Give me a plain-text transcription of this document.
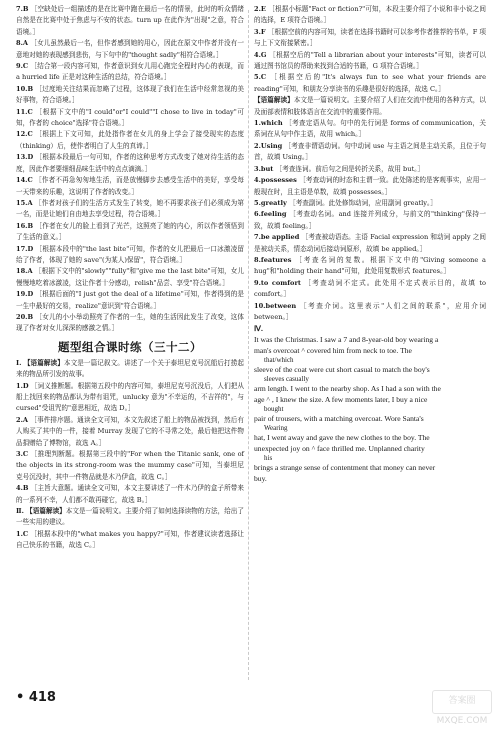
7.B ［空缺处后一组描述的是在比赛中跑在最后一名的情景，此时的听众情绪自然是在比赛中处于焦虑与不安的状态。turn up 在此作为"出现"之意，符合语境。］

8.A ［女儿虽然最后一名，但作者感到她的用心，因此在原文中作者并没有一意地对她的表现感到悲伤，与下句中的"thought sadly"相符合语境。］

9.C ［结合第一段内容可知，作者意识到女儿用心跑完全程时内心的表现，而 a hurried life 正是对这种生活的总结，符合语境。］

10.B ［过度地关注结果而忽略了过程，这体现了我们在生活中经常忽视的美好事物，符合语境。］

11.C ［根据下文中的"I could"or"I could""I chose to live in today"可知，作者的 choice"选择"符合语境。］

12.C ［根据上下文可知，此处指作者在女儿的身上学会了接受现实的态度（thinking）后，使作者明白了人生的真谛。］

13.D ［根据本段最后一句可知，作者的这种思考方式改变了她对待生活的态度，因此作者要细细品味生活中的点点滴滴。］

14.C ［作者不再急匆匆地生活，而是放慢脚步去感受生活中的美好，享受每一天带来的乐趣，这说明了作者的改变。］

15.A ［作者对孩子们的生活方式发生了转变，她不再要求孩子们必须成为第一名，而是让她们自由地去享受过程，符合语境。］

16.B ［作者在女儿的脸上看到了光芒，这照亮了她的内心，所以作者领悟到了生活的意义。］

17.D ［根据本段中的"the last bite"可知，作者的女儿把最后一口冰激凌留给了作者，体现了她的 save"(为某人)保留"，符合语境。］

18.A ［根据下文中的"slowly""fully"和"give me the last bite"可知，女儿慢慢地吃着冰激凌，这让作者十分感动，relish"品尝、享受"符合语境。］

19.D ［根据后面的"I just got the deal of a lifetime"可知，作者得到的是一生中最好的交易，realize"意识到"符合语境。］

20.B ［女儿的小小举动照亮了作者的一生，她的生活因此发生了改变，这体现了作者对女儿深深的感激之情。］

题型组合课时练（三十二）

Ⅰ. 【语篇解读】本文是一篇记叙文。讲述了一个关于泰坦尼克号沉船后打捞起来的物品所引发的故事。

1.D ［词义推断题。根据第五段中的内容可知，泰坦尼克号沉没后，人们把从船上找回来的物品都认为带有诅咒，unlucky 意为"不幸运的，不吉祥的"，与 cursed"受诅咒的"意思相近，故选 D。］

2.A ［事件排序题。通读全文可知，本文先叙述了船上的物品被找到，然后有人购买了其中的一件，接着 Murray 发现了它的不寻常之处，最后他把这件物品捐赠给了博物馆，故选 A。］

3.C ［推理判断题。根据第三段中的"For when the Titanic sank, one of the objects in its strong-room was the mummy case"可知，当泰坦尼克号沉没时，其中一件物品就是木乃伊盒，故选 C。］

4.B ［主旨大意题。通读全文可知，本文主要讲述了一件木乃伊的盒子所带来的一系列不幸，人们都不敢再碰它，故选 B。］

Ⅱ. 【语篇解读】本文是一篇说明文。主要介绍了如何选择读物的方法，给出了一些实用的建议。

1.C ［根据本段中的"what makes you happy?"可知，作者建议读者选择让自己快乐的书籍，故选 C。］

2.E ［根据小标题"Fact or fiction?"可知，本段主要介绍了小说和非小说之间的选择，E 项符合语境。］

3.F ［根据空前的内容可知，读者在选择书籍时可以参考作者推荐的书单，F 项与上下文衔接紧密。］

4.G ［根据空后的"Tell a librarian about your interests"可知，读者可以通过图书馆员的帮助来找到合适的书籍，G 项符合语境。］

5.C ［根据空后的"It's always fun to see what your friends are reading"可知，和朋友分享读书的乐趣是很好的选择，故选 C。］

【语篇解读】本文是一篇说明文。主要介绍了人们在交流中使用的各种方式，以及面部表情和肢体语言在交流中的重要作用。

1.which ［考查定语从句。句中的先行词是 forms of communication，关系词在从句中作主语，故用 which。］

2.Using ［考查非谓语动词。句中动词 use 与主语之间是主动关系，且位于句首，故填 Using。］

3.but ［考查连词。前后句之间是转折关系，故用 but。］

4.possesses ［考查动词的时态和主谓一致。此处陈述的是客观事实，应用一般现在时，且主语是单数，故填 possesses。］

5.greatly ［考查副词。此处修饰动词，应用副词 greatly。］

6.feeling ［考查动名词。and 连接并列成分，与前文的"thinking"保持一致，故填 feeling。］

7.be applied ［考查被动语态。主语 Facial expression 和动词 apply 之间是被动关系，情态动词后接动词原形，故填 be applied。］

8.features ［考查名词的复数。根据下文中的"Giving someone a hug"和"holding their hand"可知，此处用复数形式 features。］

9.to comfort ［考查动词不定式。此处用不定式表示目的，故填 to comfort。］

10.between ［考查介词。这里表示"人们之间的联系"，应用介词 between。］

Ⅳ.

It was the Christmas. I saw a 7 and 8-year-old boy wearing a
man's overcoat ^ covered him from neck to toe. The
that/which
sleeve of the coat were cut short casual to match the boy's
sleeves casually
arm length. I went to the nearby shop. As I had a son with the
age ^ , I knew the size. A few moments later, I buy a nice
bought
pair of trousers, with a matching overcoat. Wore Santa's
Wearing
hat, I went away and gave the new clothes to the boy. The
unexpected joy on ^ face thrilled me. Unplanned charity
his
brings a strange sense of contentment that money can never
buy.
• 418	答案圈 MXQE.COM
